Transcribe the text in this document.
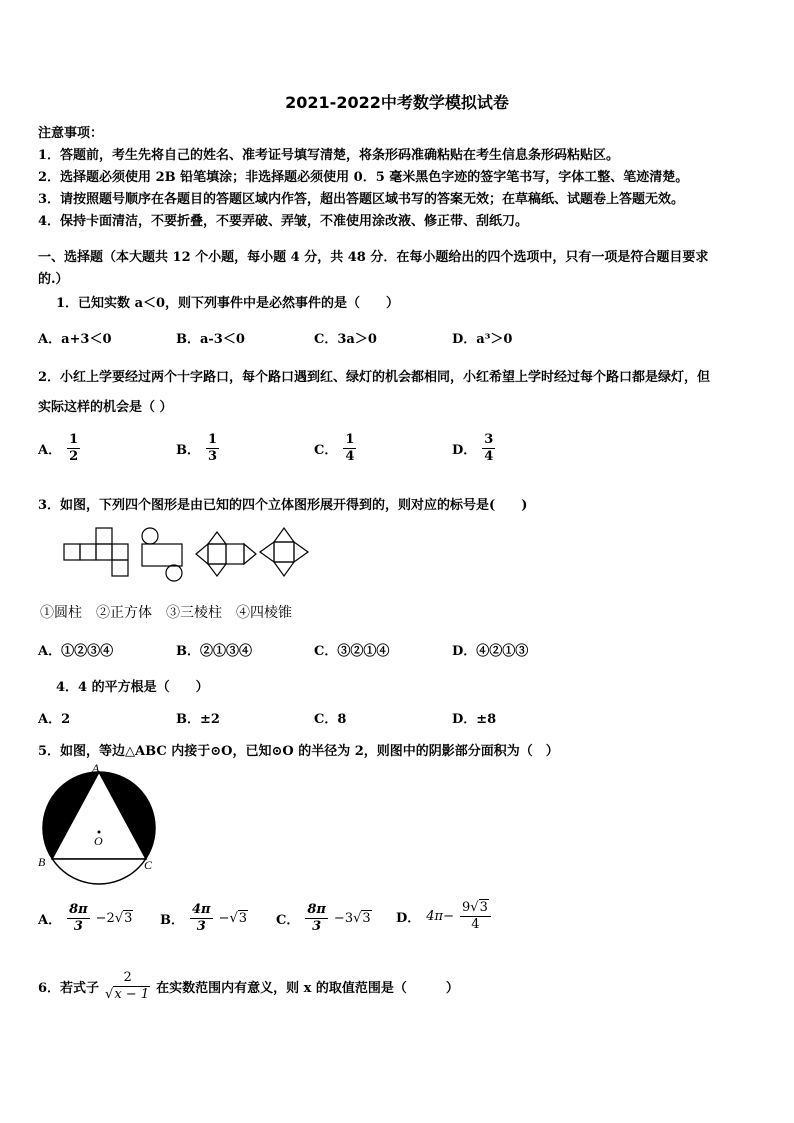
2021-2022中考数学模拟试卷
注意事项：
1．答题前，考生先将自己的姓名、准考证号填写清楚，将条形码准确粘贴在考生信息条形码粘贴区。
2．选择题必须使用 2B 铅笔填涂；非选择题必须使用 0．5 毫米黑色字迹的签字笔书写，字体工整、笔迹清楚。
3．请按照题号顺序在各题目的答题区域内作答，超出答题区域书写的答案无效；在草稿纸、试题卷上答题无效。
4．保持卡面清洁，不要折叠，不要弄破、弄皱，不准使用涂改液、修正带、刮纸刀。
一、选择题（本大题共 12 个小题，每小题 4 分，共 48 分．在每小题给出的四个选项中，只有一项是符合题目要求
的.）
1．已知实数 a＜0，则下列事件中是必然事件的是（　　）
A．a+3＜0	B．a-3＜0	C．3a＞0	D．a³＞0
2．小红上学要经过两个十字路口，每个路口遇到红、绿灯的机会都相同，小红希望上学时经过每个路口都是绿灯，但
实际这样的机会是（ ）
A． $\frac{1}{2}$	B． $\frac{1}{3}$	C． $\frac{1}{4}$	D． $\frac{3}{4}$
3．如图，下列四个图形是由已知的四个立体图形展开得到的，则对应的标号是(　　)
①圆柱　②正方体　③三棱柱　④四棱锥
A．①②③④	B．②①③④	C．③②①④	D．④②①③
4．4 的平方根是（　　）
A．2	B．±2	C．8	D．±8
5．如图，等边△ABC 内接于⊙O，已知⊙O 的半径为 2，则图中的阴影部分面积为（　）
A
B	C
O
A． $\frac{8\pi}{3} -2√3$ B． $\frac{4\pi}{3} -√3$ C． $\frac{8\pi}{3} -3√3$ D． $4\pi- \frac{9√3}{4}$
6．若式子 $\frac{2}{√x - 1}$ 在实数范围内有意义，则 x 的取值范围是（　　　）
